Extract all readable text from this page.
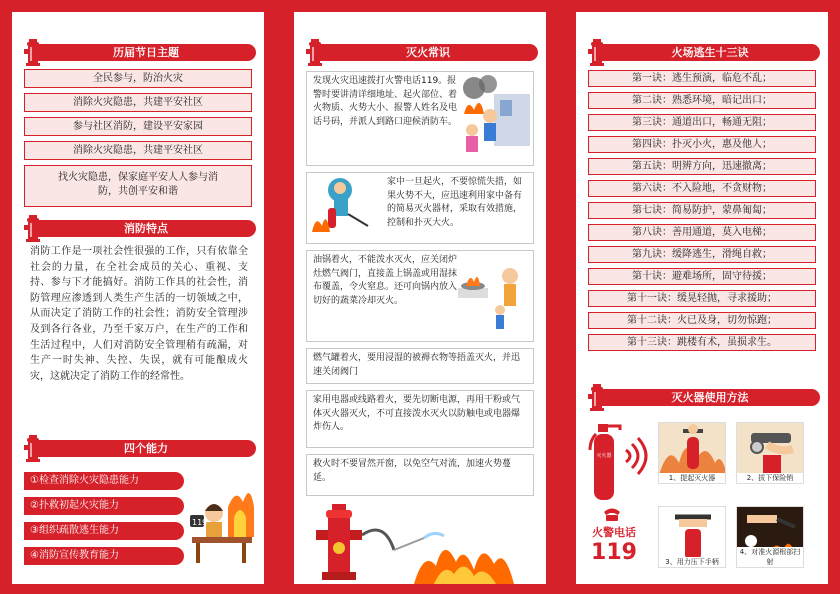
历届节日主题
全民参与，防治火灾
消除火灾隐患，共建平安社区
参与社区消防，建设平安家园
消除火灾隐患，共建平安社区
找火灾隐患，保家庭平安人人参与消防，共创平安和谐
消防特点
消防工作是一项社会性很强的工作，只有依靠全社会的力量，在全社会成员的关心、重视、支持、参与下才能搞好。消防工作具的社会性，消防管理应渗透到人类生产生活的一切领域之中，从而决定了消防工作的社会性；消防安全管理涉及到各行各业，乃至千家万户，在生产的工作和生活过程中，人们对消防安全管理稍有疏漏，对生产一时失神、失控、失误，就有可能酿成火灾，这就决定了消防工作的经常性。
四个能力
①检查消除火灾隐患能力
②扑救初起火灾能力
③组织疏散逃生能力
④消防宣传教育能力
119
灭火常识
发现火灾迅速拨打火警电话119。报警时要讲清详细地址、起火部位、着火物质、火势大小、报警人姓名及电话号码，并派人到路口迎候消防车。
家中一旦起火，不要惊慌失措，如果火势不大，应迅速利用家中备有的简易灭火器材，采取有效措施，控制和扑灭大火。
油锅着火，不能泼水灭火，应关闭炉灶燃气阀门，直接盖上锅盖或用湿抹布覆盖，令火窒息。还可向锅内放入切好的蔬菜冷却灭火。
燃气罐着火，要用浸湿的被褥衣物等捂盖灭火，并迅速关闭阀门
家用电器或线路着火，要先切断电源，再用干粉或气体灭火器灭火，不可直接泼水灭火以防触电或电器爆炸伤人。
救火时不要冒然开窗，以免空气对流，加速火势蔓延。
火场逃生十三诀
第一诀：逃生预演，临危不乱；
第二诀：熟悉环境，暗记出口；
第三诀：通道出口，畅通无阻；
第四诀：扑灭小火，惠及他人；
第五诀：明辨方向，迅速撤离；
第六诀：不入险地，不贪财物；
第七诀：简易防护，蒙鼻匍匐；
第八诀：善用通道，莫入电梯；
第九诀：缓降逃生，滑绳自救；
第十诀：避难场所，固守待援；
第十一诀：缓晃轻抛，寻求援助；
第十二诀：火已及身，切勿惊跑；
第十三诀：跳楼有术，虽损求生。
灭火器使用方法
灭火器
火警电话
119
1、提起灭火器	2、拔下保险销
3、用力压下手柄
4、对准火源根部扫射
